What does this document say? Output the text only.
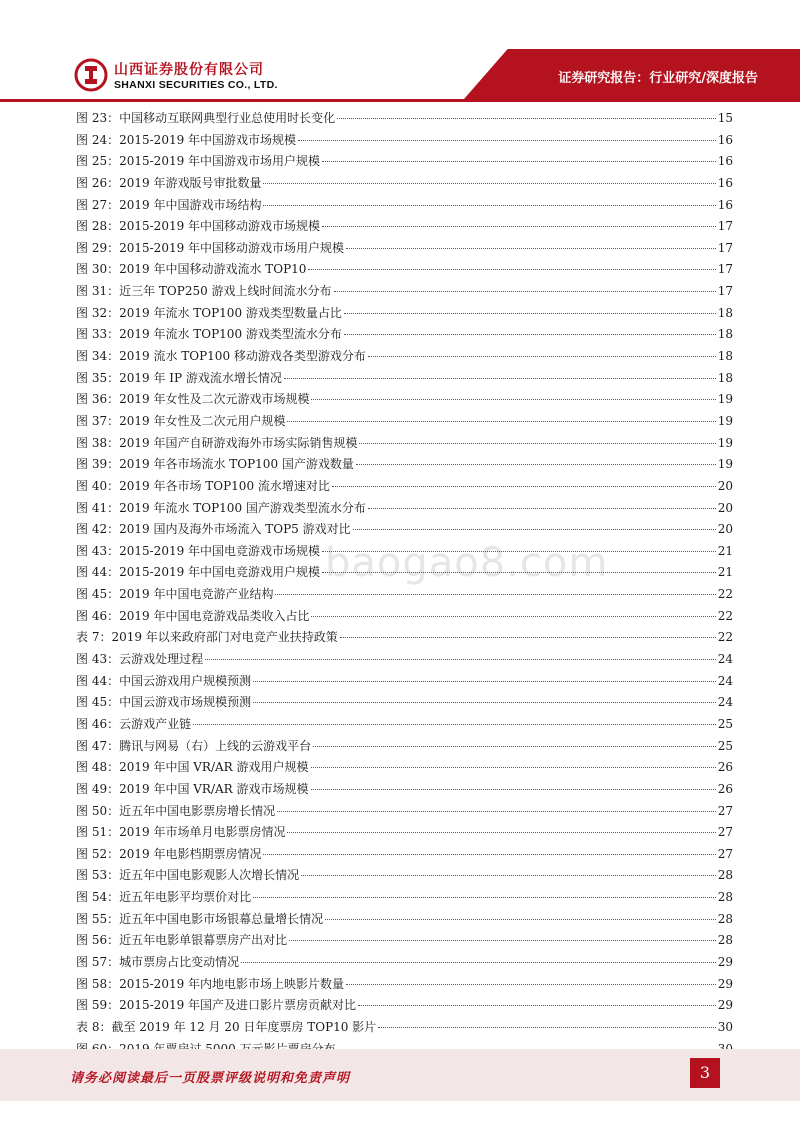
山西证券股份有限公司
SHANXI SECURITIES CO., LTD.	证券研究报告：行业研究/深度报告
baogao8.com
图 23：中国移动互联网典型行业总使用时长变化	15
图 24：2015-2019 年中国游戏市场规模	16
图 25：2015-2019 年中国游戏市场用户规模	16
图 26：2019 年游戏版号审批数量	16
图 27：2019 年中国游戏市场结构	16
图 28：2015-2019 年中国移动游戏市场规模	17
图 29：2015-2019 年中国移动游戏市场用户规模	17
图 30：2019 年中国移动游戏流水 TOP10	17
图 31：近三年 TOP250 游戏上线时间流水分布	17
图 32：2019 年流水 TOP100 游戏类型数量占比	18
图 33：2019 年流水 TOP100 游戏类型流水分布	18
图 34：2019 流水 TOP100 移动游戏各类型游戏分布	18
图 35：2019 年 IP 游戏流水增长情况	18
图 36：2019 年女性及二次元游戏市场规模	19
图 37：2019 年女性及二次元用户规模	19
图 38：2019 年国产自研游戏海外市场实际销售规模	19
图 39：2019 年各市场流水 TOP100 国产游戏数量	19
图 40：2019 年各市场 TOP100 流水增速对比	20
图 41：2019 年流水 TOP100 国产游戏类型流水分布	20
图 42：2019 国内及海外市场流入 TOP5 游戏对比	20
图 43：2015-2019 年中国电竞游戏市场规模	21
图 44：2015-2019 年中国电竞游戏用户规模	21
图 45：2019 年中国电竞游产业结构	22
图 46：2019 年中国电竞游戏品类收入占比	22
表 7：2019 年以来政府部门对电竞产业扶持政策	22
图 43：云游戏处理过程	24
图 44：中国云游戏用户规模预测	24
图 45：中国云游戏市场规模预测	24
图 46：云游戏产业链	25
图 47：腾讯与网易（右）上线的云游戏平台	25
图 48：2019 年中国 VR/AR 游戏用户规模	26
图 49：2019 年中国 VR/AR 游戏市场规模	26
图 50：近五年中国电影票房增长情况	27
图 51：2019 年市场单月电影票房情况	27
图 52：2019 年电影档期票房情况	27
图 53：近五年中国电影观影人次增长情况	28
图 54：近五年电影平均票价对比	28
图 55：近五年中国电影市场银幕总量增长情况	28
图 56：近五年电影单银幕票房产出对比	28
图 57：城市票房占比变动情况	29
图 58：2015-2019 年内地电影市场上映影片数量	29
图 59：2015-2019 年国产及进口影片票房贡献对比	29
表 8：截至 2019 年 12 月 20 日年度票房 TOP10 影片	30
请务必阅读最后一页股票评级说明和免责声明	3
